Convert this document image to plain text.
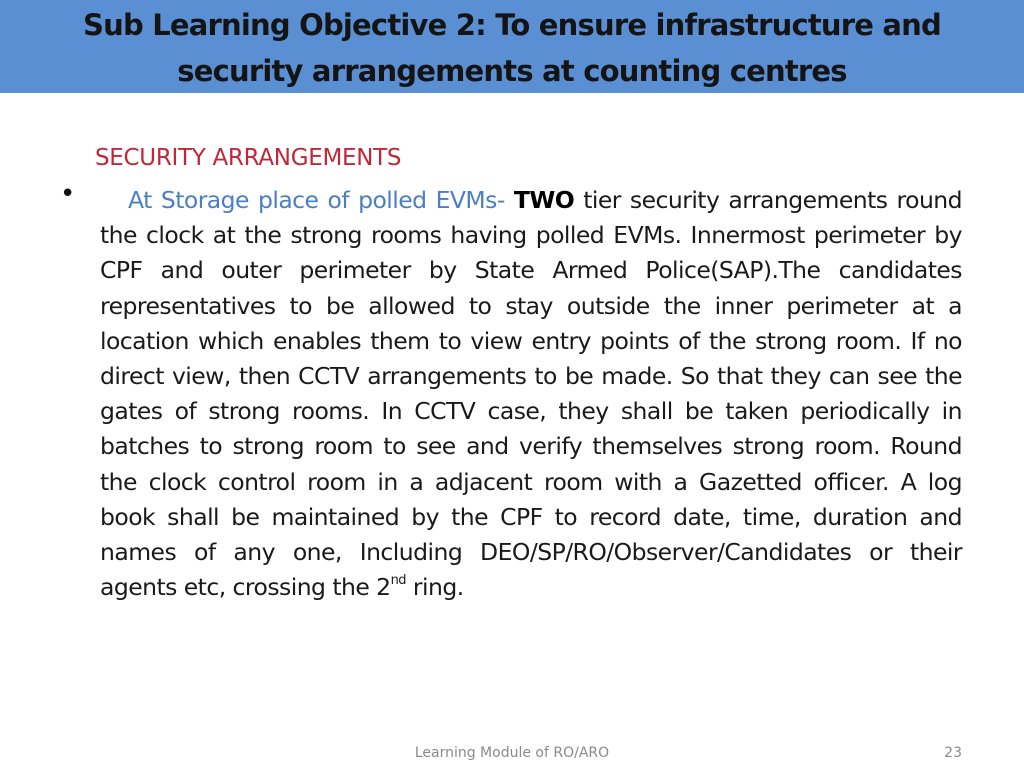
Sub Learning Objective 2: To ensure infrastructure and
security arrangements at counting centres
SECURITY ARRANGEMENTS
•	At Storage place of polled EVMs- TWO tier security arrangements round the clock at the strong rooms having polled EVMs. Innermost perimeter by CPF and outer perimeter by State Armed Police(SAP).The candidates representatives to be allowed to stay outside the inner perimeter at a location which enables them to view entry points of the strong room. If no direct view, then CCTV arrangements to be made. So that they can see the gates of strong rooms. In CCTV case, they shall be taken periodically in batches to strong room to see and verify themselves strong room. Round the clock control room in a adjacent room with a Gazetted officer. A log book shall be maintained by the CPF to record date, time, duration and names of any one, Including DEO/SP/RO/Observer/Candidates or their agents etc, crossing the 2nd ring.
Learning Module of RO/ARO	23
